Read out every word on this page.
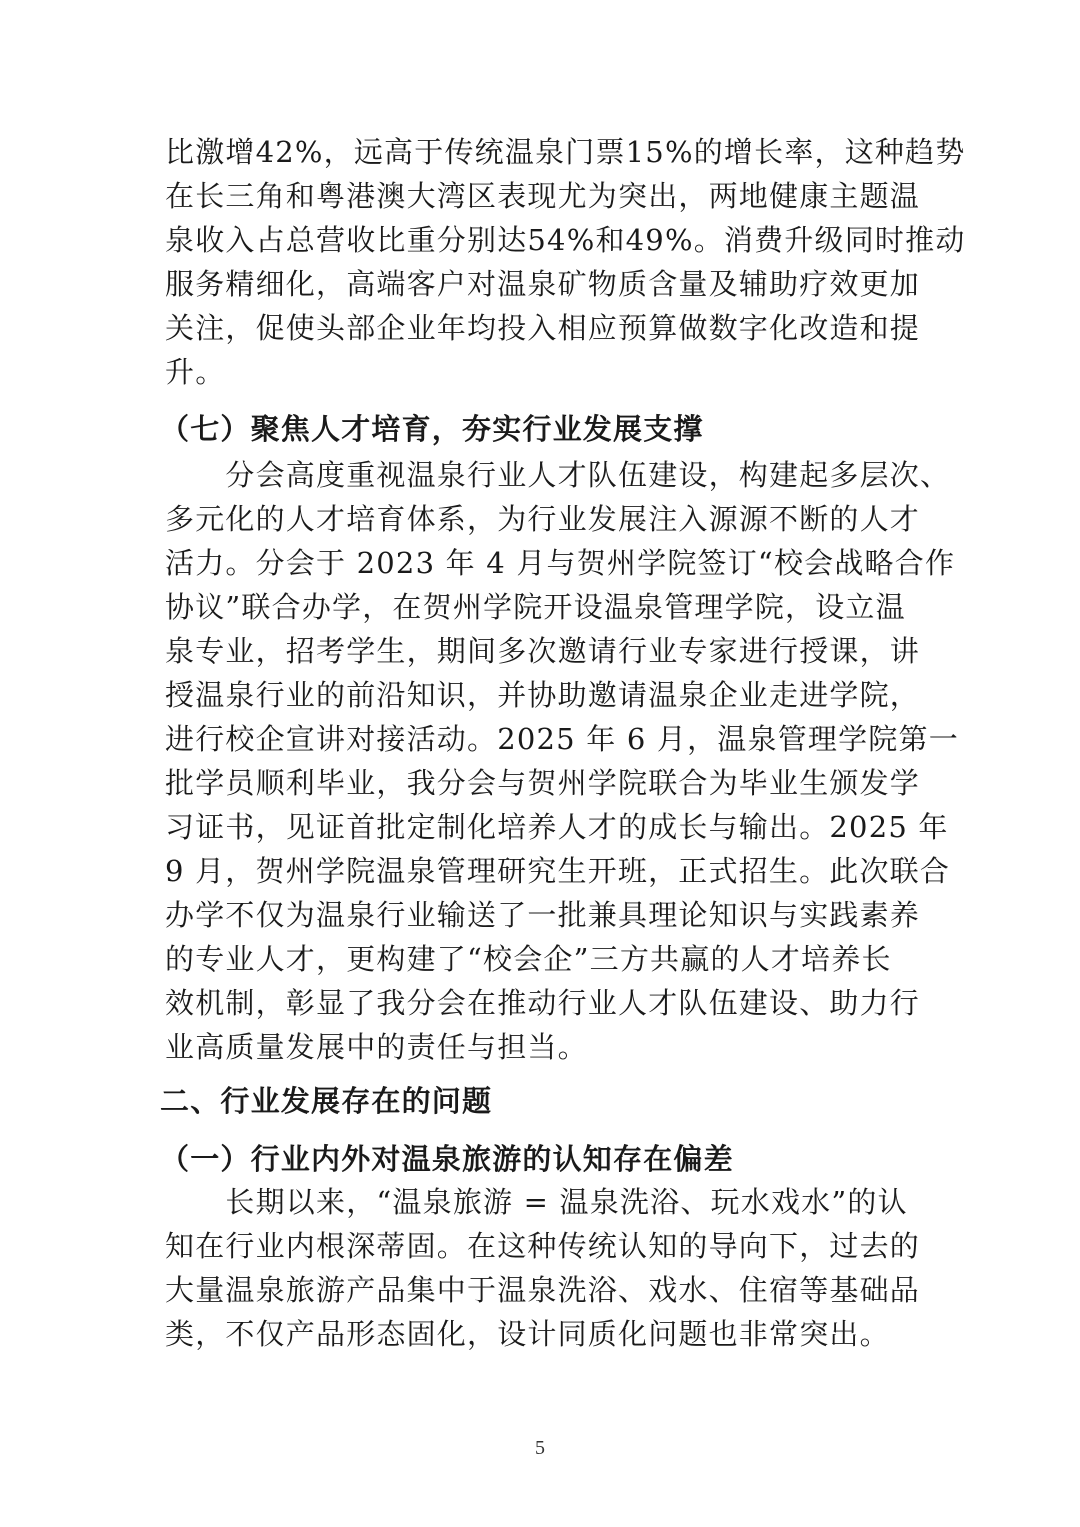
比激增42%，远高于传统温泉门票15%的增长率，这种趋势
在长三角和粤港澳大湾区表现尤为突出，两地健康主题温
泉收入占总营收比重分别达54%和49%。消费升级同时推动
服务精细化，高端客户对温泉矿物质含量及辅助疗效更加
关注，促使头部企业年均投入相应预算做数字化改造和提
升。
（七）聚焦人才培育，夯实行业发展支撑
　　分会高度重视温泉行业人才队伍建设，构建起多层次、
多元化的人才培育体系，为行业发展注入源源不断的人才
活力。分会于 2023 年 4 月与贺州学院签订“校会战略合作
协议”联合办学，在贺州学院开设温泉管理学院，设立温
泉专业，招考学生，期间多次邀请行业专家进行授课，讲
授温泉行业的前沿知识，并协助邀请温泉企业走进学院，
进行校企宣讲对接活动。2025 年 6 月，温泉管理学院第一
批学员顺利毕业，我分会与贺州学院联合为毕业生颁发学
习证书，见证首批定制化培养人才的成长与输出。2025 年
9 月，贺州学院温泉管理研究生开班，正式招生。此次联合
办学不仅为温泉行业输送了一批兼具理论知识与实践素养
的专业人才，更构建了“校会企”三方共赢的人才培养长
效机制，彰显了我分会在推动行业人才队伍建设、助力行
业高质量发展中的责任与担当。
二、行业发展存在的问题
（一）行业内外对温泉旅游的认知存在偏差
　　长期以来，“温泉旅游 = 温泉洗浴、玩水戏水”的认
知在行业内根深蒂固。在这种传统认知的导向下，过去的
大量温泉旅游产品集中于温泉洗浴、戏水、住宿等基础品
类，不仅产品形态固化，设计同质化问题也非常突出。
5
